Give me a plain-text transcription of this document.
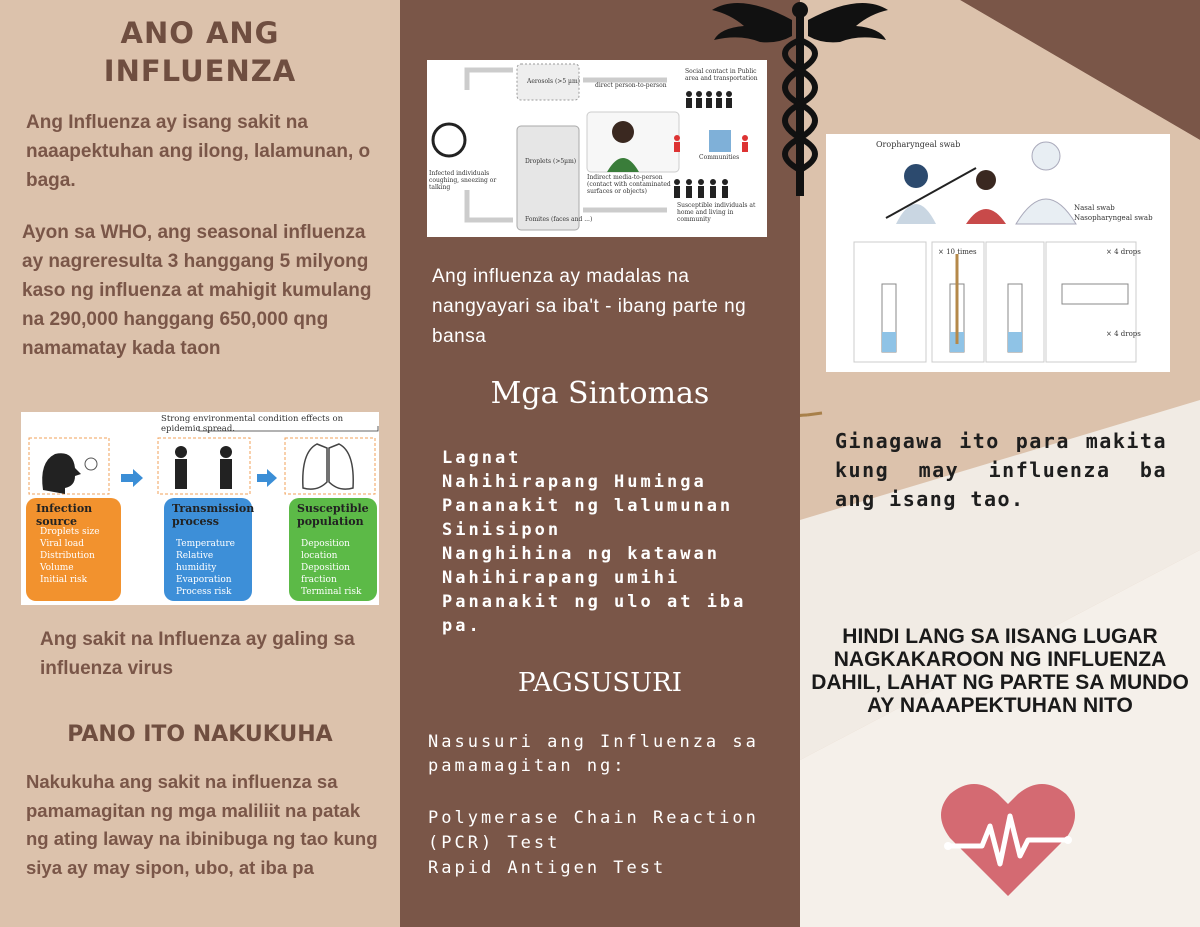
ANO ANG
INFLUENZA
Ang Influenza ay isang sakit na naaapektuhan ang ilong, lalamunan, o baga.
Ayon sa WHO, ang seasonal influenza ay nagreresulta 3 hanggang 5 milyong kaso ng influenza at mahigit kumulang na 290,000 hanggang 650,000 qng namamatay kada taon
Strong environmental condition effects on epidemic spread.
Infection source
Droplets size
Viral load
Distribution
Volume
Initial risk
Transmission process
Temperature
Relative humidity
Evaporation
Process risk
Susceptible population
Deposition location
Deposition fraction
Terminal risk
Ang sakit na Influenza ay galing sa influenza virus
PANO ITO NAKUKUHA
Nakukuha ang sakit na influenza sa pamamagitan ng mga maliliit na patak ng ating laway na ibinibuga ng tao kung siya ay may sipon, ubo, at iba pa
Aerosols (>5 µm)
Droplets (>5µm)
Fomites (faces and ...)
direct person-to-person
Indirect media-to-person (contact with contaminated surfaces or objects)
Social contact in Public area and transportation
Communities
Susceptible individuals at home and living in community
Infected individuals coughing, sneezing or talking
Ang influenza ay madalas na nangyayari sa iba't - ibang parte ng bansa
Mga Sintomas
Lagnat
Nahihirapang Huminga
Pananakit ng lalumunan
Sinisipon
Nanghihina ng katawan
Nahihirapang umihi
Pananakit ng ulo at iba pa.
PAGSUSURI
Nasusuri ang Influenza sa pamamagitan ng:
Polymerase Chain Reaction (PCR) Test
Rapid Antigen Test
Oropharyngeal swab
Nasal swab
Nasopharyngeal swab
× 10 times	× 4 drops
× 4 drops
Ginagawa ito para makita kung may influenza ba ang isang tao.
HINDI LANG SA IISANG LUGAR NAGKAKAROON NG INFLUENZA DAHIL, LAHAT NG PARTE SA MUNDO AY NAAAPEKTUHAN NITO
